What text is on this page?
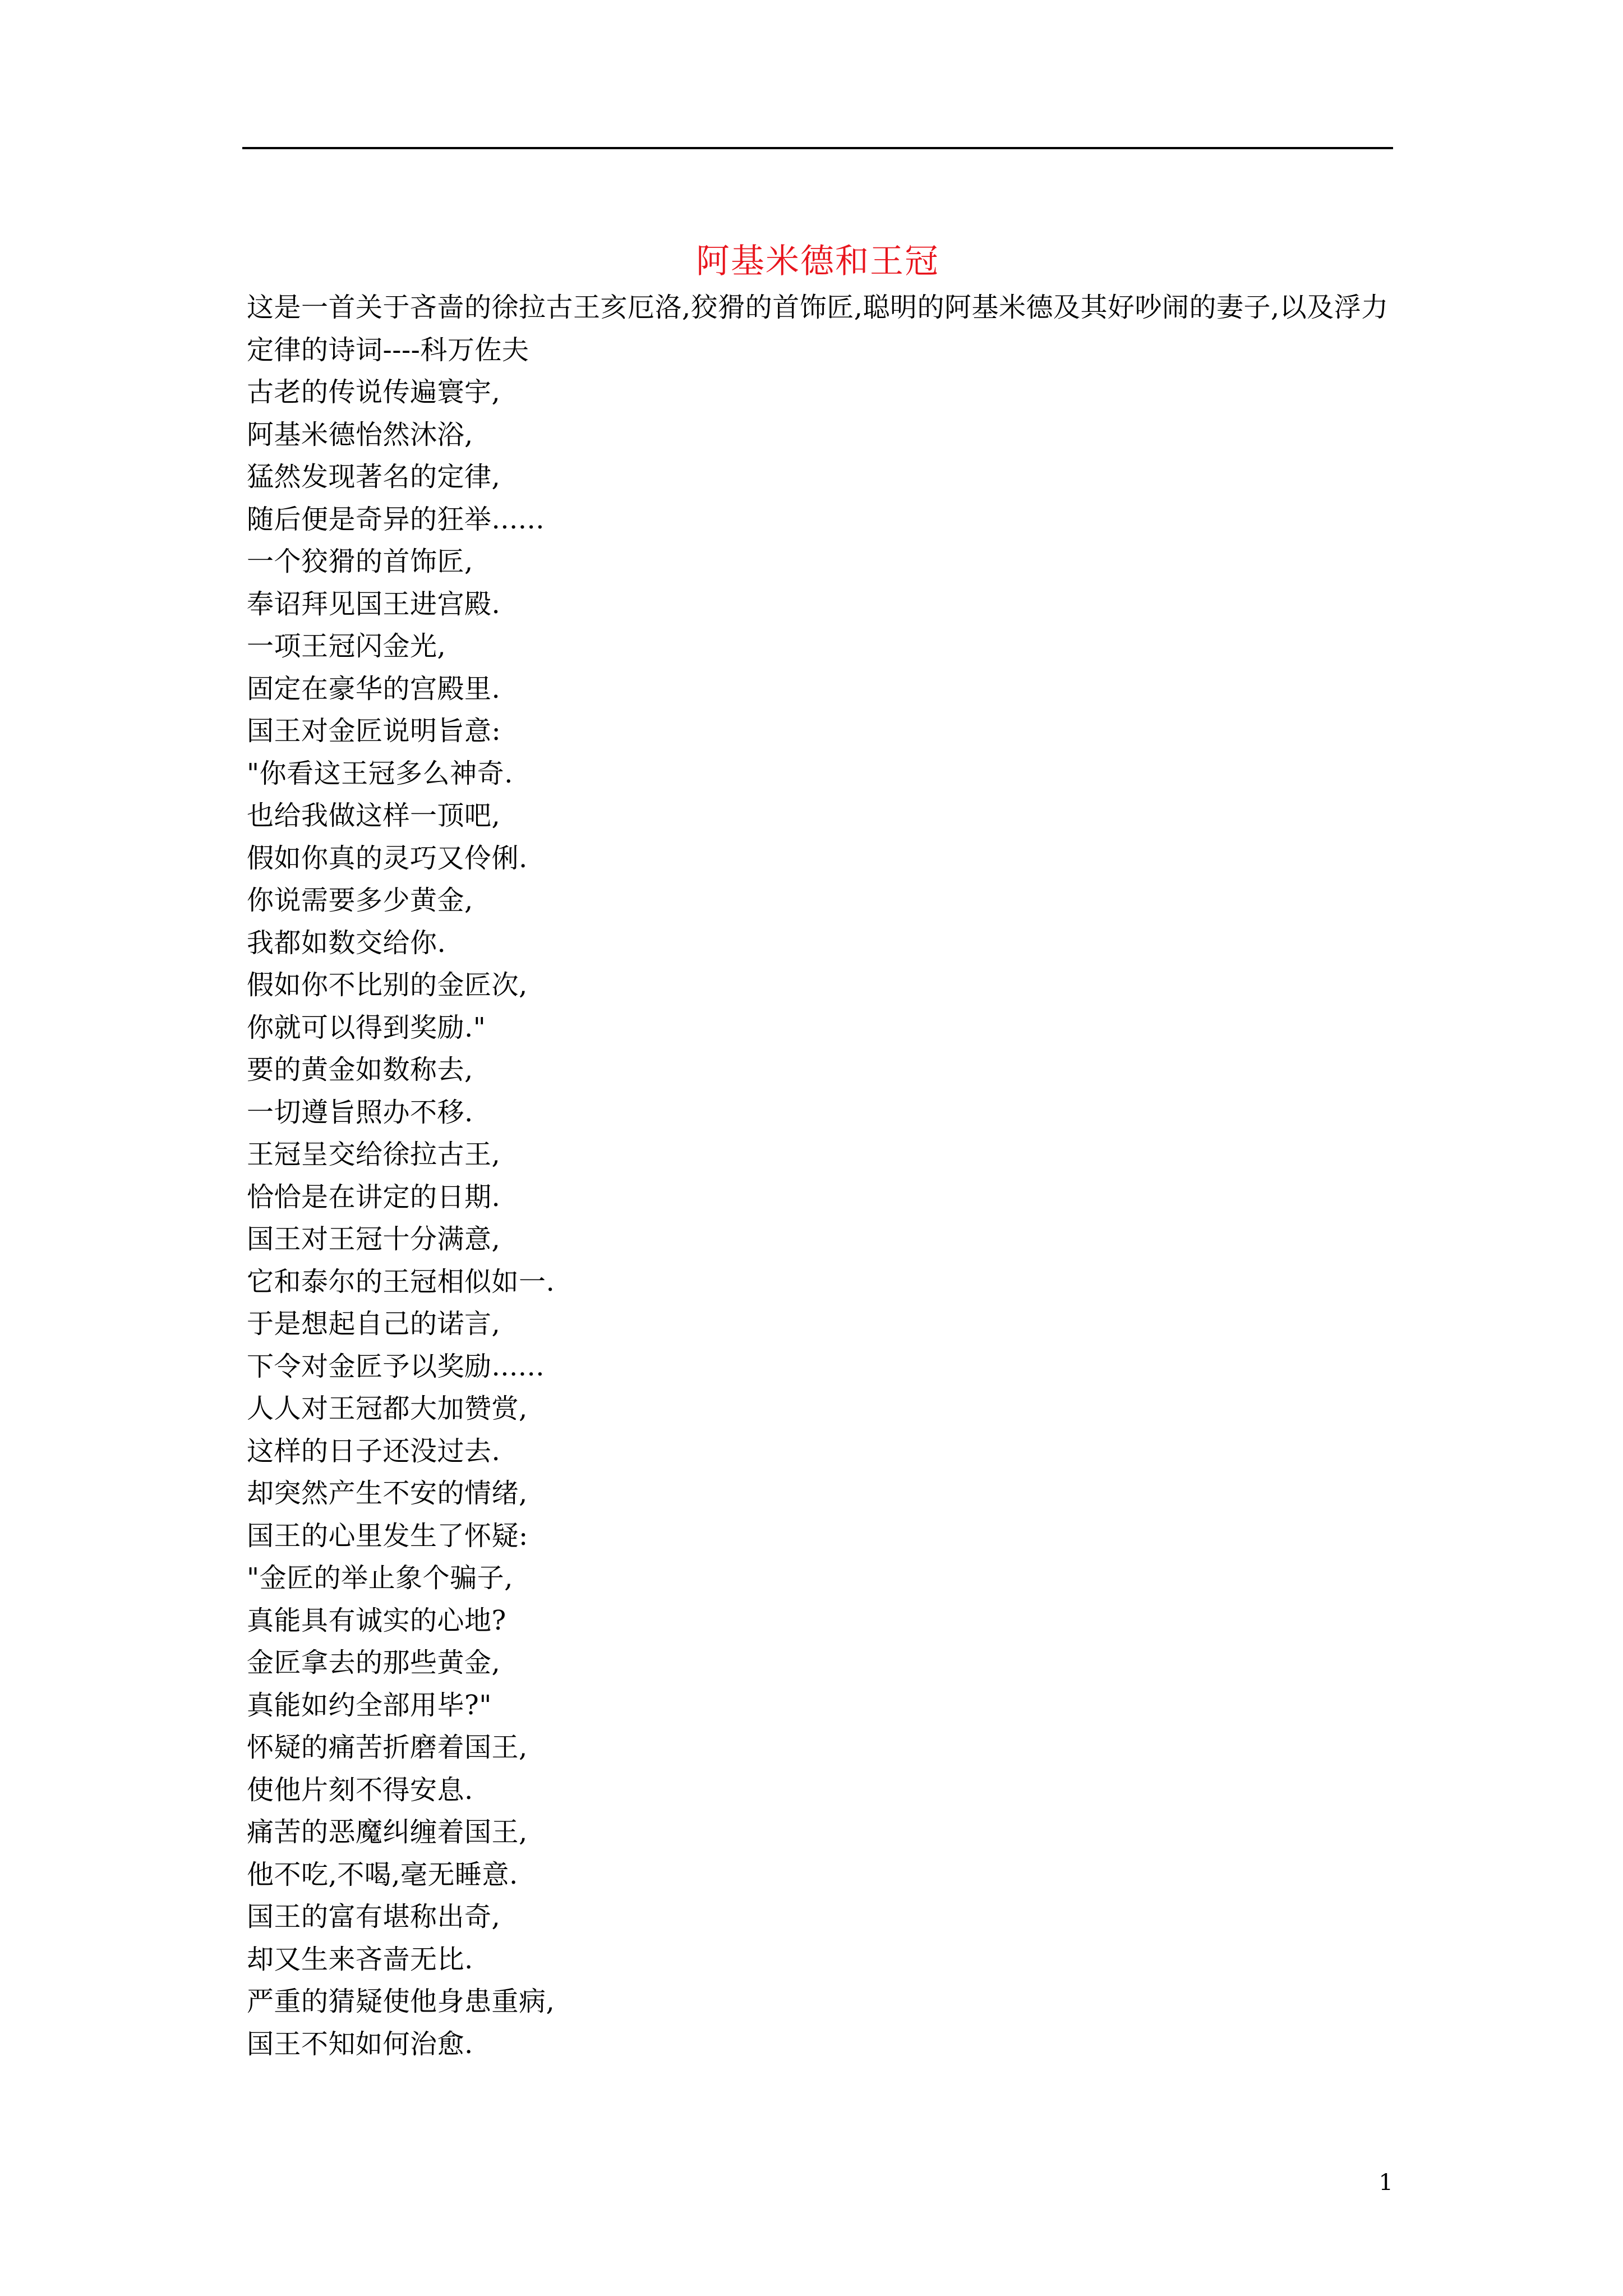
阿基米德和王冠

这是一首关于吝啬的徐拉古王亥厄洛,狡猾的首饰匠,聪明的阿基米德及其好吵闹的妻子,以及浮力定律的诗词----科万佐夫

古老的传说传遍寰宇,
阿基米德怡然沐浴,
猛然发现著名的定律,
随后便是奇异的狂举......
一个狡猾的首饰匠,
奉诏拜见国王进宫殿.
一项王冠闪金光,
固定在豪华的宫殿里.
国王对金匠说明旨意:
"你看这王冠多么神奇.
也给我做这样一顶吧,
假如你真的灵巧又伶俐.
你说需要多少黄金,
我都如数交给你.
假如你不比别的金匠次,
你就可以得到奖励."
要的黄金如数称去,
一切遵旨照办不移.
王冠呈交给徐拉古王,
恰恰是在讲定的日期.
国王对王冠十分满意,
它和泰尔的王冠相似如一.
于是想起自己的诺言,
下令对金匠予以奖励......
人人对王冠都大加赞赏,
这样的日子还没过去.
却突然产生不安的情绪,
国王的心里发生了怀疑:
"金匠的举止象个骗子,
真能具有诚实的心地?
金匠拿去的那些黄金,
真能如约全部用毕?"
怀疑的痛苦折磨着国王,
使他片刻不得安息.
痛苦的恶魔纠缠着国王,
他不吃,不喝,毫无睡意.
国王的富有堪称出奇,
却又生来吝啬无比.
严重的猜疑使他身患重病,
国王不知如何治愈.
1
